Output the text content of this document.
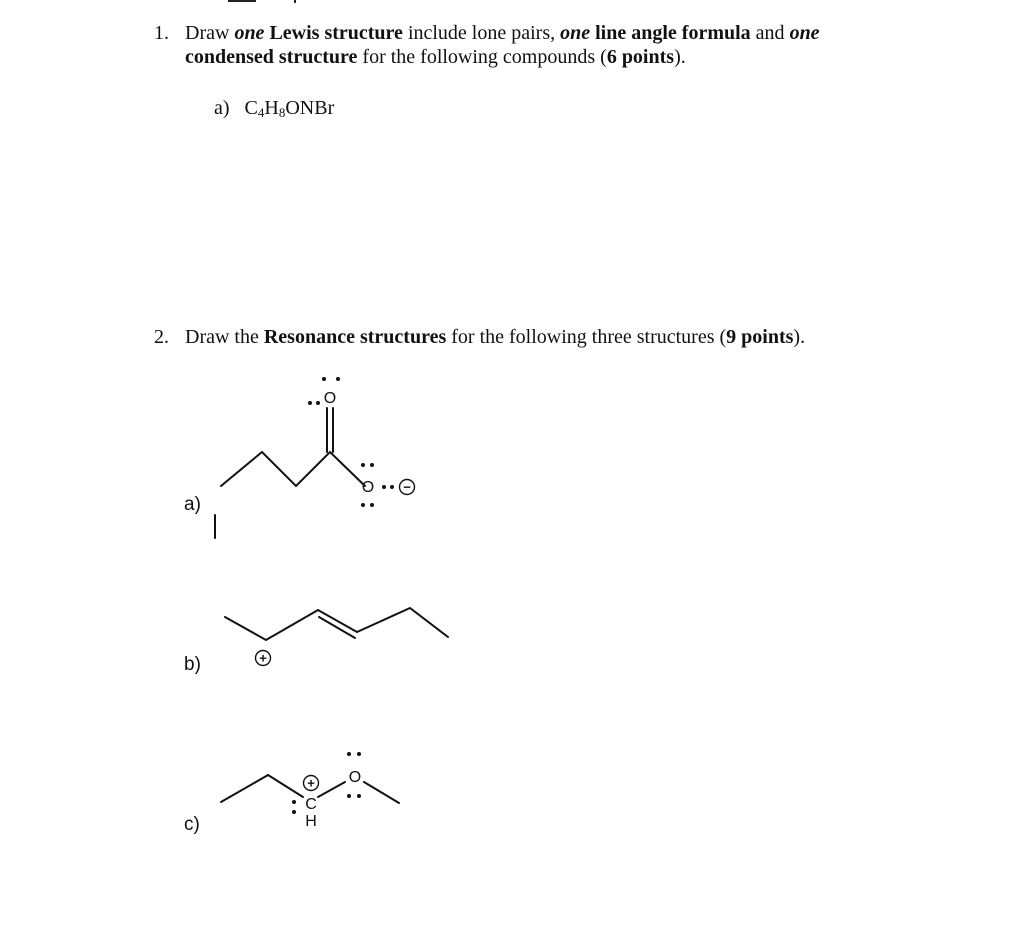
1. Draw one Lewis structure include lone pairs, one line angle formula and one
condensed structure for the following compounds (6 points).
a) $C_4H_8ONBr$
2. Draw the Resonance structures for the following three structures (9 points).
a)
b)
c)
O
O
C
H
O
−
+
+
